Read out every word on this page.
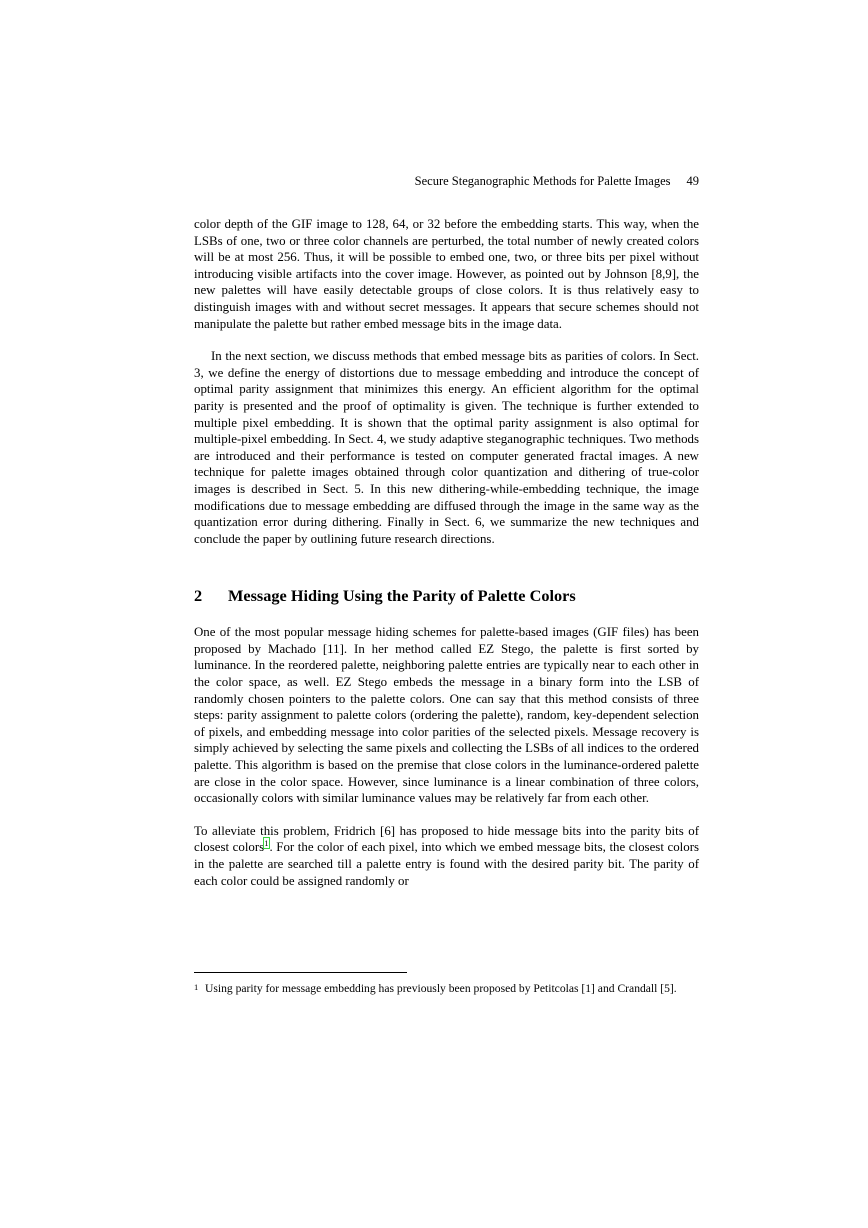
Secure Steganographic Methods for Palette Images 49

color depth of the GIF image to 128, 64, or 32 before the embedding starts. This way, when the LSBs of one, two or three color channels are perturbed, the total number of newly created colors will be at most 256. Thus, it will be possible to embed one, two, or three bits per pixel without introducing visible artifacts into the cover image. However, as pointed out by Johnson [8,9], the new palettes will have easily detectable groups of close colors. It is thus relatively easy to distinguish images with and without secret messages. It appears that secure schemes should not manipulate the palette but rather embed message bits in the image data.

In the next section, we discuss methods that embed message bits as parities of colors. In Sect. 3, we define the energy of distortions due to message embedding and introduce the concept of optimal parity assignment that minimizes this energy. An efficient algorithm for the optimal parity is presented and the proof of optimality is given. The technique is further extended to multiple pixel embedding. It is shown that the optimal parity assignment is also optimal for multiple-pixel embedding. In Sect. 4, we study adaptive steganographic techniques. Two methods are introduced and their performance is tested on computer generated fractal images. A new technique for palette images obtained through color quantization and dithering of true-color images is described in Sect. 5. In this new dithering-while-embedding technique, the image modifications due to message embedding are diffused through the image in the same way as the quantization error during dithering. Finally in Sect. 6, we summarize the new techniques and conclude the paper by outlining future research directions.

2 Message Hiding Using the Parity of Palette Colors

One of the most popular message hiding schemes for palette-based images (GIF files) has been proposed by Machado [11]. In her method called EZ Stego, the palette is first sorted by luminance. In the reordered palette, neighboring palette entries are typically near to each other in the color space, as well. EZ Stego embeds the message in a binary form into the LSB of randomly chosen pointers to the palette colors. One can say that this method consists of three steps: parity assignment to palette colors (ordering the palette), random, key-dependent selection of pixels, and embedding message into color parities of the selected pixels. Message recovery is simply achieved by selecting the same pixels and collecting the LSBs of all indices to the ordered palette. This algorithm is based on the premise that close colors in the luminance-ordered palette are close in the color space. However, since luminance is a linear combination of three colors, occasionally colors with similar luminance values may be relatively far from each other.

To alleviate this problem, Fridrich [6] has proposed to hide message bits into the parity bits of closest colors$^1$. For the color of each pixel, into which we embed message bits, the closest colors in the palette are searched till a palette entry is found with the desired parity bit. The parity of each color could be assigned randomly or

1 Using parity for message embedding has previously been proposed by Petitcolas [1] and Crandall [5].
